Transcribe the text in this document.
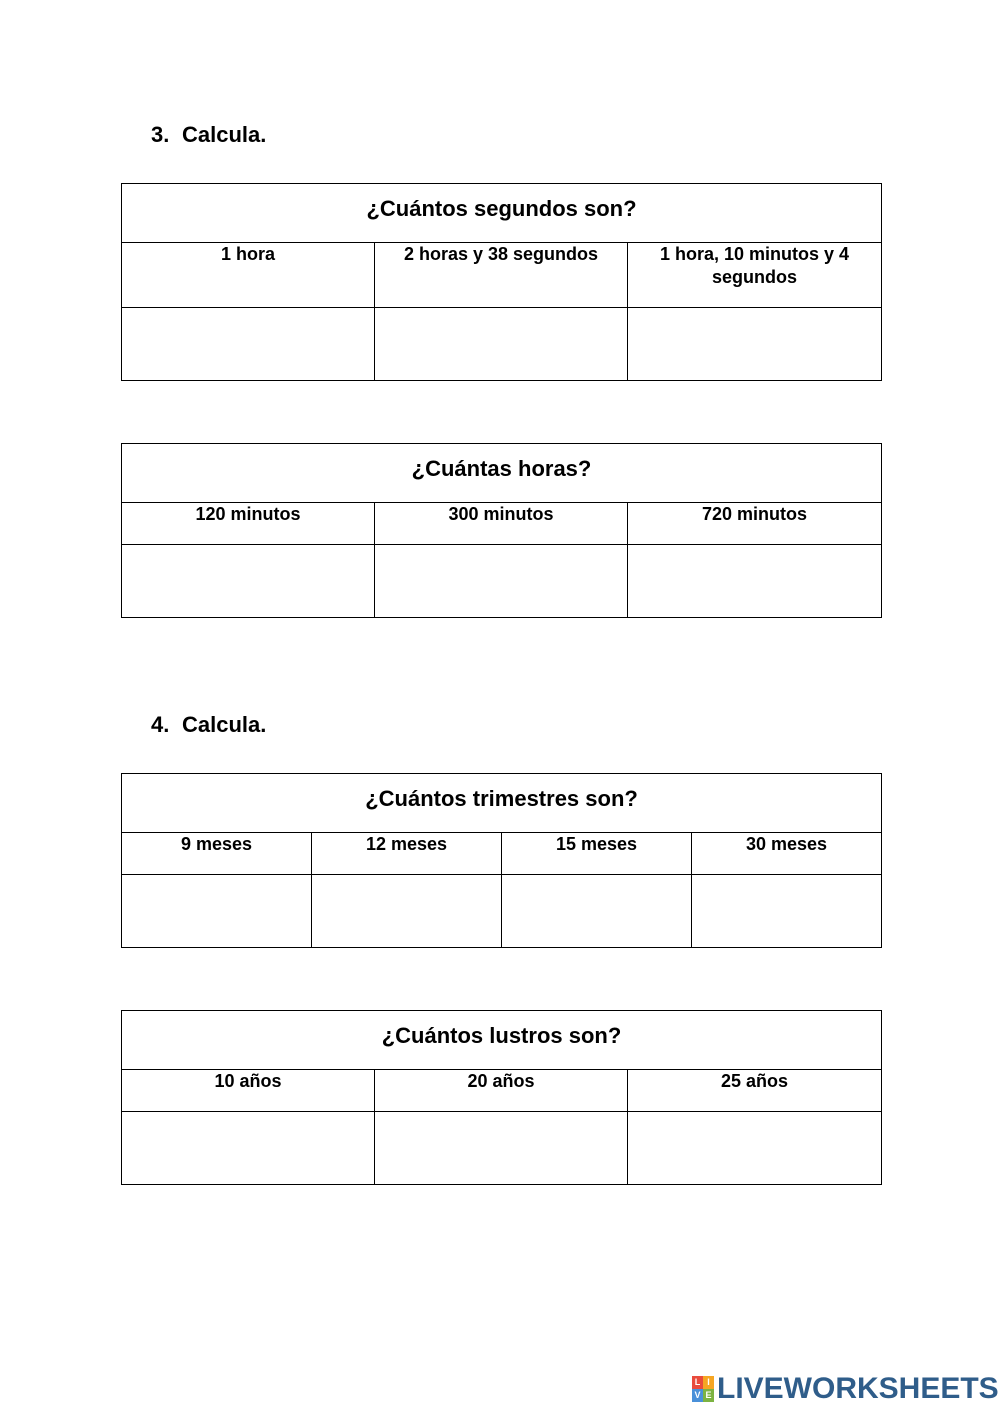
3. Calcula.
¿Cuántos segundos son?		
1 hora	2 horas y 38 segundos	1 hora, 10 minutos y 4 segundos

¿Cuántas horas?		
120 minutos	300 minutos	720 minutos

4. Calcula.
¿Cuántos trimestres son?			
9 meses	12 meses	15 meses	30 meses

¿Cuántos lustros son?		
10 años	20 años	25 años

L I
V E LIVEWORKSHEETS
